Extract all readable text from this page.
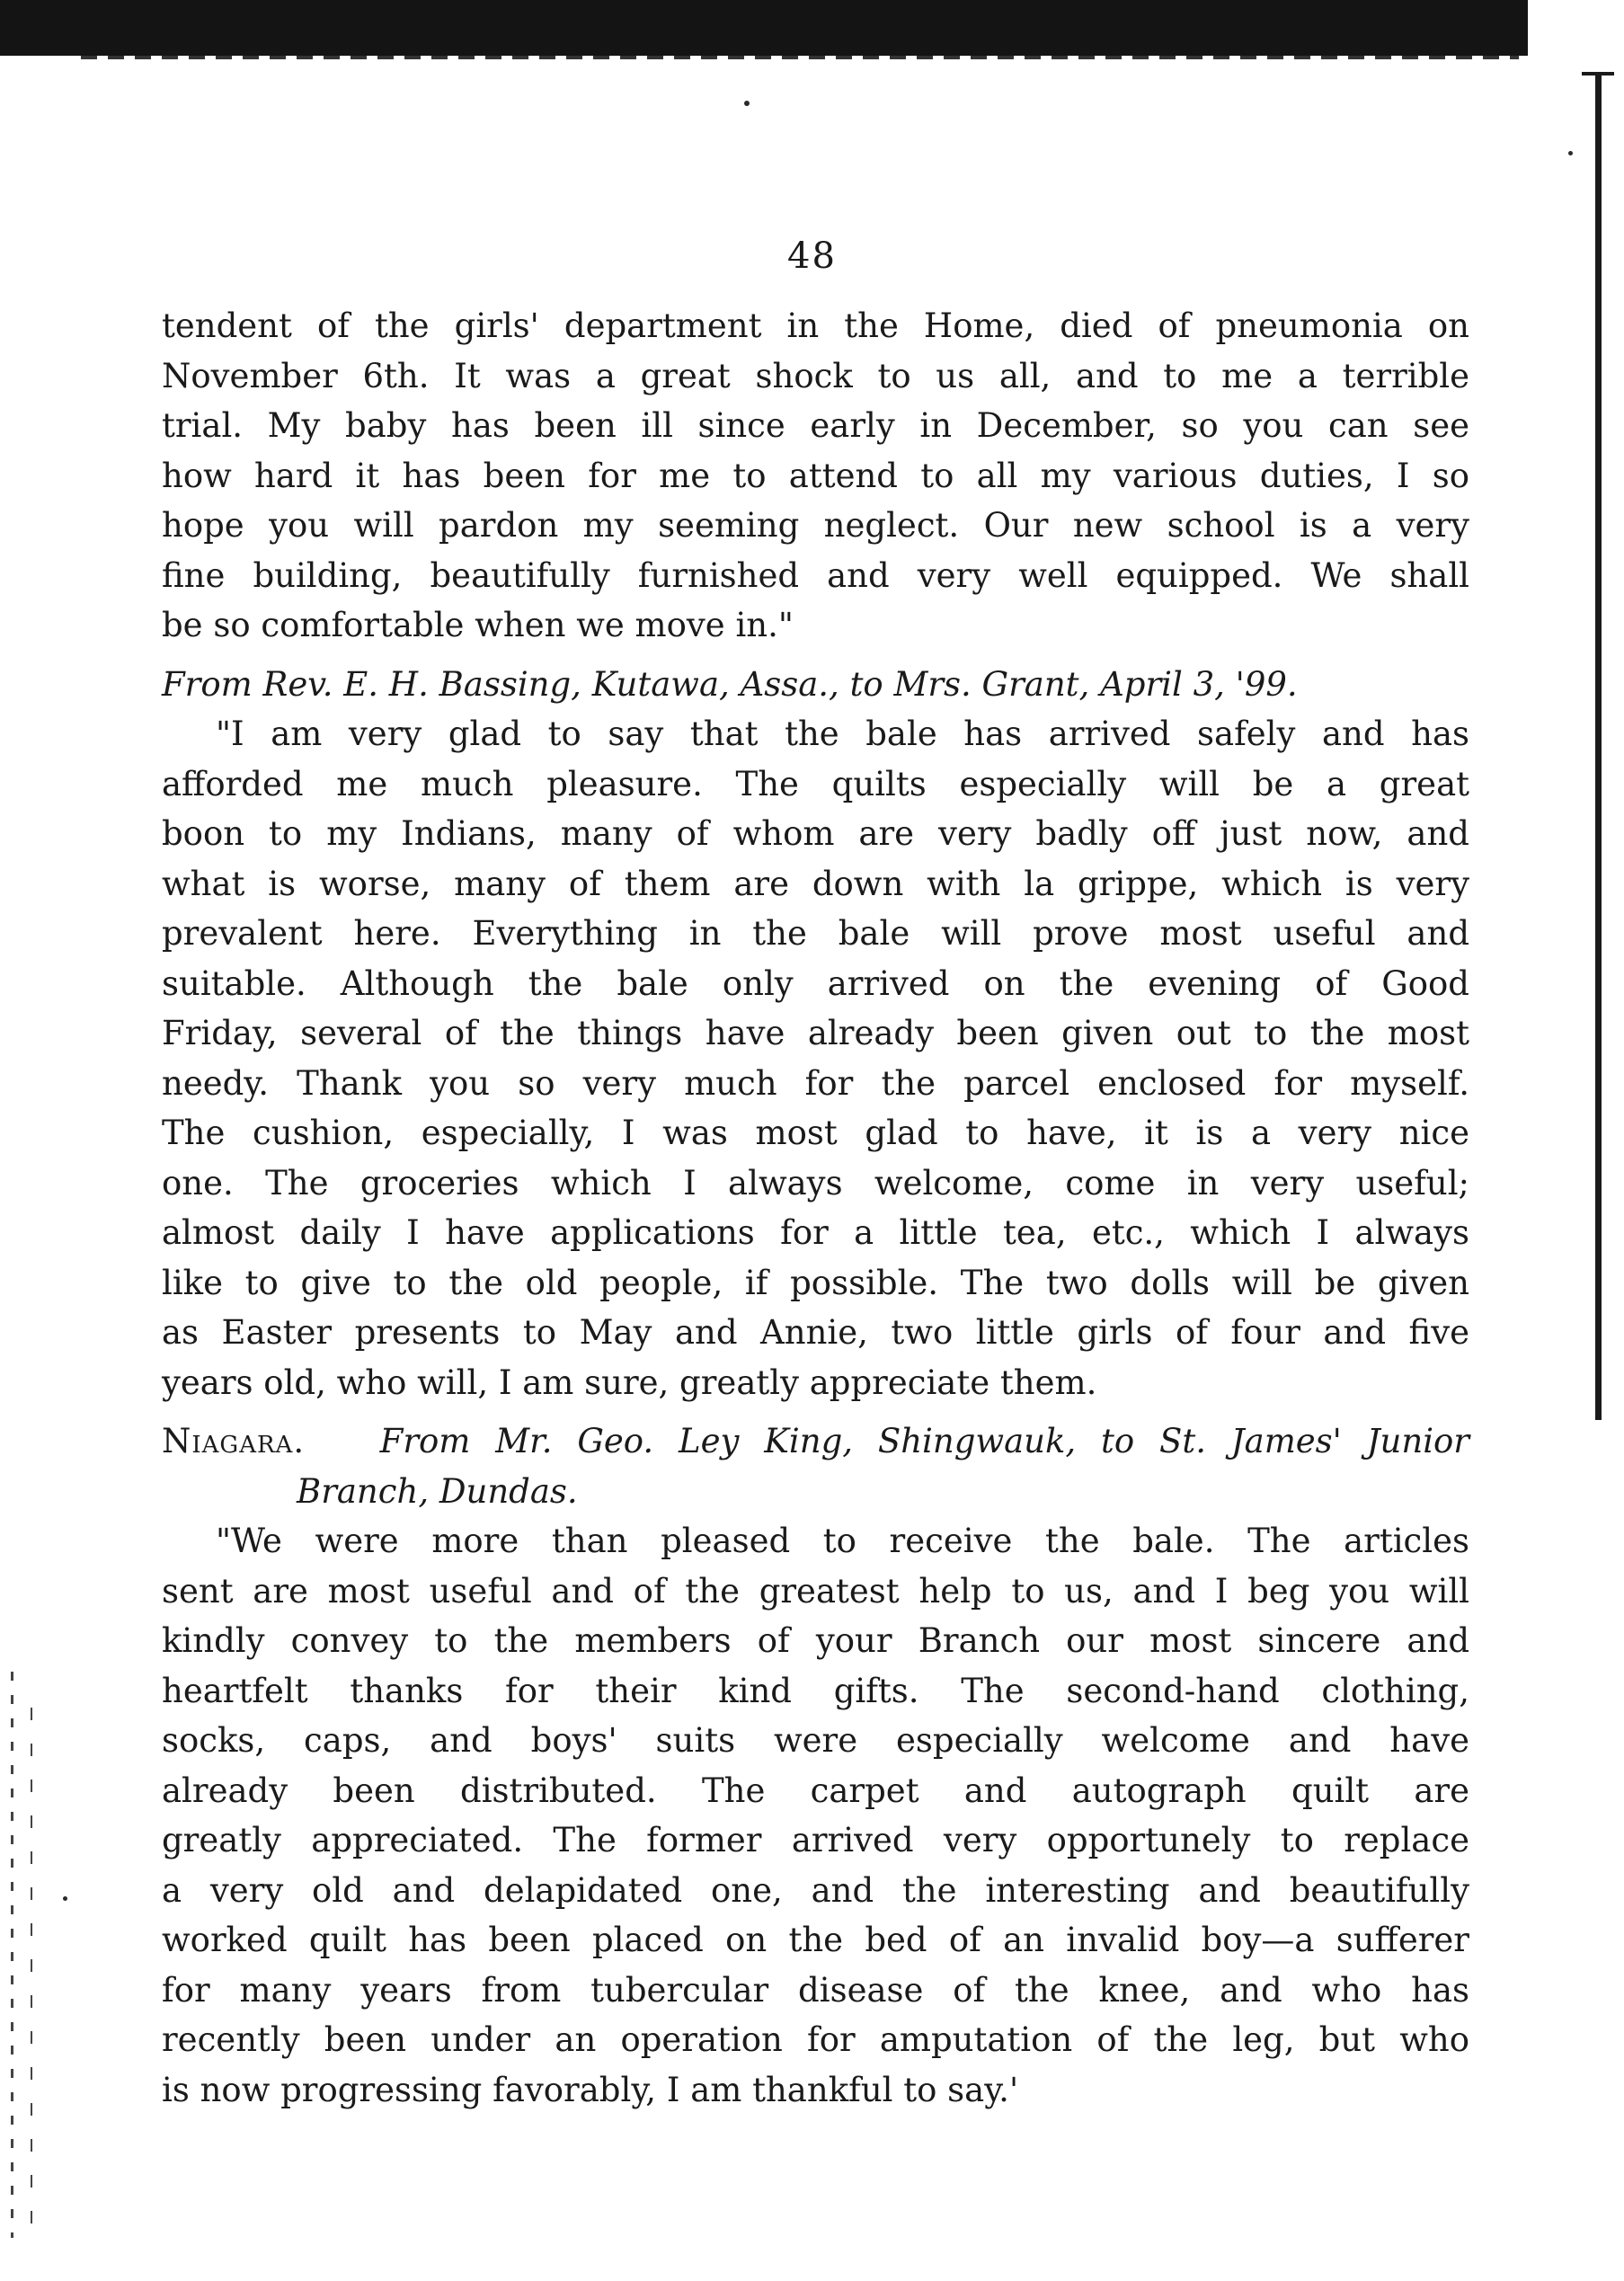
48
tendent of the girls' department in the Home, died of pneumonia on
November 6th. It was a great shock to us all, and to me a terrible
trial. My baby has been ill since early in December, so you can see
how hard it has been for me to attend to all my various duties, I so
hope you will pardon my seeming neglect. Our new school is a very
fine building, beautifully furnished and very well equipped. We shall
be so comfortable when we move in."
From Rev. E. H. Bassing, Kutawa, Assa., to Mrs. Grant, April 3, '99.
"I am very glad to say that the bale has arrived safely and has
afforded me much pleasure. The quilts especially will be a great
boon to my Indians, many of whom are very badly off just now, and
what is worse, many of them are down with la grippe, which is very
prevalent here. Everything in the bale will prove most useful and
suitable. Although the bale only arrived on the evening of Good
Friday, several of the things have already been given out to the most
needy. Thank you so very much for the parcel enclosed for myself.
The cushion, especially, I was most glad to have, it is a very nice
one. The groceries which I always welcome, come in very useful;
almost daily I have applications for a little tea, etc., which I always
like to give to the old people, if possible. The two dolls will be given
as Easter presents to May and Annie, two little girls of four and five
years old, who will, I am sure, greatly appreciate them.
Niagara. From Mr. Geo. Ley King, Shingwauk, to St. James' Junior
Branch, Dundas.
"We were more than pleased to receive the bale. The articles
sent are most useful and of the greatest help to us, and I beg you will
kindly convey to the members of your Branch our most sincere and
heartfelt thanks for their kind gifts. The second-hand clothing,
socks, caps, and boys' suits were especially welcome and have
already been distributed. The carpet and autograph quilt are
greatly appreciated. The former arrived very opportunely to replace
a very old and delapidated one, and the interesting and beautifully
worked quilt has been placed on the bed of an invalid boy—a sufferer
for many years from tubercular disease of the knee, and who has
recently been under an operation for amputation of the leg, but who
is now progressing favorably, I am thankful to say.'
